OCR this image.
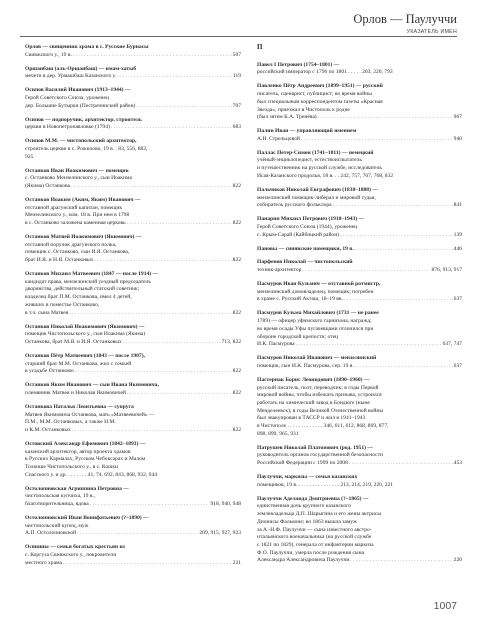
Орлов — Паулуччи
УКАЗАТЕЛЬ ИМЕН
Орлов — священник храма в с. Русские Бурнасы
Свияжского у., 19 в. . . .	507
Оршанбаш (аль-Оршанбаш) — имам-хатыб
мечети в дер. Урмашбаш Казанского у. . . .	119
Осипов Василий Иванович (1913–1944) —
Герой Советского Союза, уроженец
дер. Большие Бутырки (Пестречинский район) . . .	707
Осипов — подпоручик, архитектор, строитель
церкви в Новопетропавловке (1794) . . .	683
Осипов М.М. — чистопольский архитектор,
строитель церкви в с. Рожилово, 19 в. . 83, 556, 882,
925
Останков Иван Иоакимович — помещик
с. Останково Мензелинского у., сын Иоакима
(Якима) Останкова . . .	822
Останков Иоаким (Аким, Яким) Иванович —
отставной драгунский капитан, помещик
Мензелинского у., ком. 18 в. При нем в 1798
в с. Останково заложена каменная церковь . . .	822
Останков Матвей Иоакимович (Якимович) —
отставной поручик драгунского полка,
помещик с. Останково, сын И.Я. Останкова,
брат И.Я. и Н.Я. Останковых . . .	822
Останков Михаил Матвеевич (1847 — после 1914) —
кандидат права, мензелинский уездный председатель
дворянства, действительный статский советник;
владелец брат П.М. Останкова, имел 4 детей,
живших в поместье Останково,
в т.ч. сына Матвея . . .	822
Останков Николай Иоакимович (Якимович) —
помещик Чистопольского у., сын Иоакима (Якима)
Останкова, брат М.Я. и И.Я. Останковых . . .	713, 822
Останков Пётр Матвеевич (1843 — после 1907),
старший брат М.М. Останкова, жил с семьей
в усадьбе Останково . . .	822
Останков Яким Иванович — сын Ивана Якимовича,
племянник Матвея и Николая Якимовичей . . .	822
Останкова Наталья Леонтьевна — супруга
Матвея Якимовича Останкова, мать «Матвеевичей» —
П.М., М.М. Останковых, а также Н.М.
и К.М. Останковых . . .	822
Остовский Александр Ефимович (1842–1893) —
казанский архитектор, автор проекта храмов
в Русских Кармалах, Русском Чебоксарах и Малом
Толкише Чистопольского у., в с. Кошки
Спасского у. и др. . . . . . . . 41, 74, 692, 843, 868, 932, 944
Остолопновская Агриппина Петровна —
чистопольская купчиха, 19 в.,
благотворительница, вдова . . .	918, 940, 948
Остолопновский Иван Вонифатьевич (?–1890) —
чистопольский купец, муж
А.П. Остолопновской . . .	209, 915, 927, 923
Осянины — семья богатых крестьян из
с. Коргуза Свияжского у., покровители
местного храма . . .	221
П
Павел I Петрович (1754–1801) —
российский император с 1796 по 1801 . . . . . 203, 220, 793
Павленко Пётр Андреевич (1899–1951) — русский
писатель, сценарист, публицист; во время войны
был специальным корреспондентом газеты «Красная
Звезда», приезжал в Чистополь к родне
(был зятем К.А. Тренёва) . . .	967
Палин Иван — управляющий имением
А.Н. Стрельцовой . . .	940
Паллас Петер-Симон (1741–1811) — немецкий
учёный-энциклопедист, естествоиспытатель
и путешественник на русской службе, исследователь
Исая-Казанского продолья, 18 в. . . 242, 757, 767, 768, 832
Пальчиков Николай Евграфович (1838–1888) —
мензелинский помещик-либерал и мировой судья,
собиратель русского фольклора . . .	841
Панарин Михаил Петрович (1918–1943) —
Герой Советского Союза (1944), уроженец
с. Крым-Сарай (Кайбицкий район) . . .	139
Пановы — синявские помещики, 19 в. . . .	446
Парфенов Николай — чистопольский
техник-архитектор . . .	876, 913, 917
Пасмуров Иван Кузьмич — отставной ротмистр,
мензелинский домовладелец, помещик; погребен
в храме с. Русский Акташ, 18–19 вв. . . .	637
Пасмуров Кузьма Михайлович (1731 — не ранее
1789) — офицер уфимского гарнизона, награжд;
во время осады Уфы пугачевцами отличился при
обороне городской крепости; отец
И.К. Пасмурова . . .	637, 747
Пасмуров Николай Иванович — мензелинский
помещик, сын И.К. Пасмурова, сер. 19 в. . . .	637
Пастернак Борис Леонидович (1890–1960) —
русский писатель, поэт, переводчик; в годы Первой
мировой войны, чтобы избежать призыва, устроился
работать на химический завод в Бондюге (ныне
Менделеевск); в годы Великой Отечественной войны
был эвакуирован в ТАССР и жил в 1941–1943
в Чистополе . . . . . . . . . . . . . 346, 611, 612, 868, 869, 877,
898, 899, 965, 931
Патрушев Николай Платонович (род. 1951) —
руководитель органов государственной безопасности
Российской Федерации с 1999 по 2008 . . .	453
Паулуччи, маркизы — семья казанских
помещиков, 19 в. . . . . . . . . . . . . . . . 213, 214, 219, 220, 221
Паулуччи Аделаида Дмитриевна (?–1865) —
единственная дочь крупного казанского
землевладельца Д.П. Шарыгина и его жены актрисы
Дионисы Фальконе; во 1863 вышла замуж
за А.-Н.Ф. Паулуччи — сына известного австро-
итальянского военачальника (на русской службе
с 1821 по 1829), генерала от инфантерии маркиза
Ф.О. Паулуччи, умерла после рождения сына
Александра Александровича Паулуччи . . .	220
1007
